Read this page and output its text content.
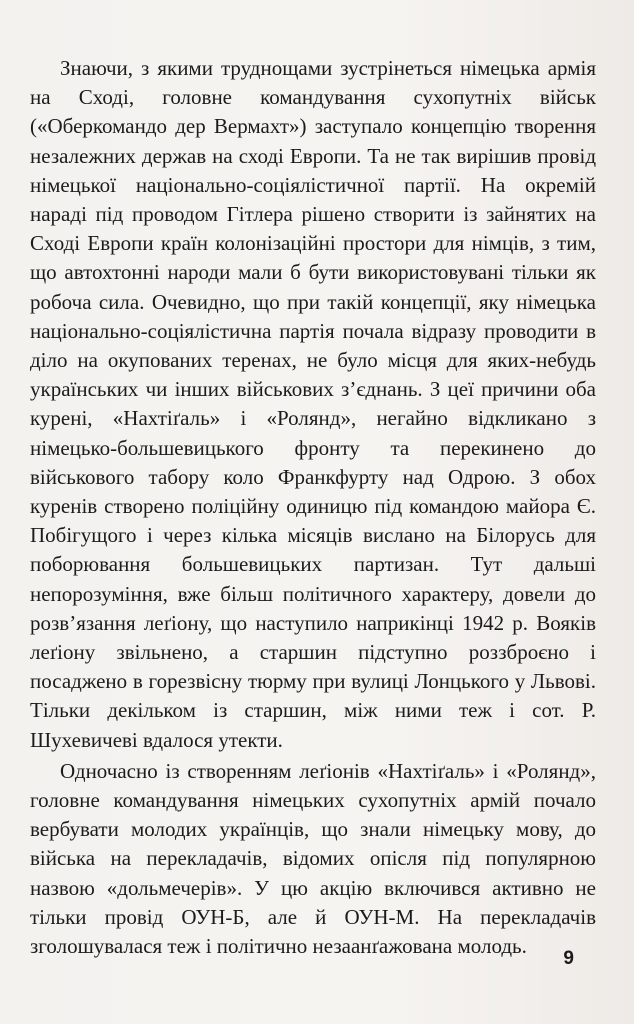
Знаючи, з якими труднощами зустрінеться німецька армія на Сході, головне командування сухопутніх військ («Оберкомандо дер Вермахт») заступало концепцію творення незалежних держав на сході Европи. Та не так вирішив провід німецької національно-соціялістичної партії. На окремій нараді під проводом Гітлера рішено створити із зайнятих на Сході Европи країн колонізаційні простори для німців, з тим, що автохтонні народи мали б бути використовувані тільки як робоча сила. Очевидно, що при такій концепції, яку німецька національно-соціялістична партія почала відразу проводити в діло на окупованих теренах, не було місця для яких-небудь українських чи інших військових з’єднань. З цеї причини оба курені, «Нахтіґаль» і «Ролянд», негайно відкликано з німецько-большевицького фронту та перекинено до військового табору коло Франкфурту над Одрою. З обох куренів створено поліційну одиницю під командою майора Є. Побігущого і через кілька місяців вислано на Білорусь для поборювання большевицьких партизан. Тут дальші непорозуміння, вже більш політичного характеру, довели до розв’язання леґіону, що наступило наприкінці 1942 р. Вояків леґіону звільнено, а старшин підступно роззброєно і посаджено в горезвісну тюрму при вулиці Лонцького у Львові. Тільки декільком із старшин, між ними теж і сот. Р. Шухевичеві вдалося утекти.

Одночасно із створенням леґіонів «Нахтіґаль» і «Ролянд», головне командування німецьких сухопутніх армій почало вербувати молодих українців, що знали німецьку мову, до війська на перекладачів, відомих опісля під популярною назвою «дольмечерів». У цю акцію включився активно не тільки провід ОУН-Б, але й ОУН-М. На перекладачів зголошувалася теж і політично незаанґажована молодь.

9
